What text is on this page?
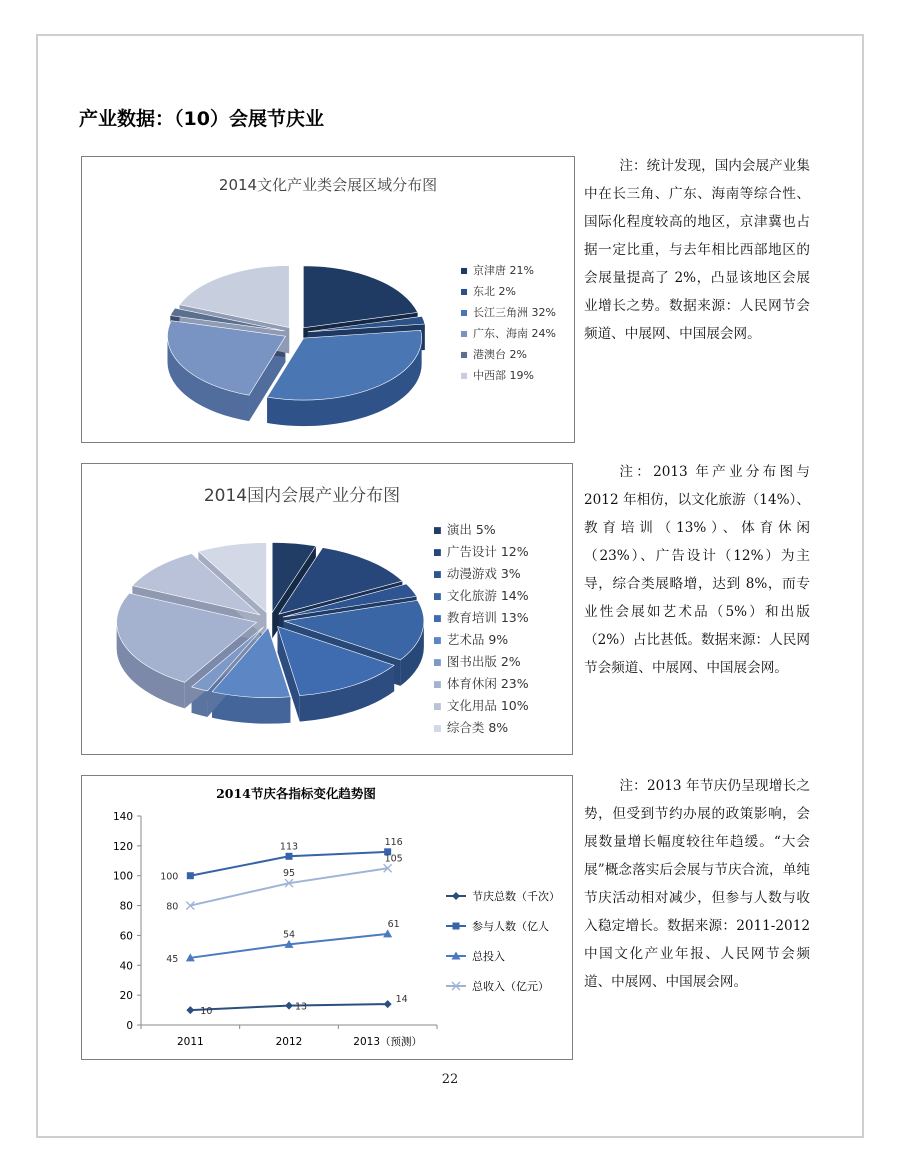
产业数据：（10）会展节庆业
2014文化产业类会展区域分布图
京津唐 21%
东北 2%
长江三角洲 32%
广东、海南 24%
港澳台 2%
中西部 19%

注：统计发现，国内会展产业集中在长三角、广东、海南等综合性、国际化程度较高的地区，京津冀也占据一定比重，与去年相比西部地区的会展量提高了 2%，凸显该地区会展业增长之势。数据来源：人民网节会频道、中展网、中国展会网。

2014国内会展产业分布图
演出 5%
广告设计 12%
动漫游戏 3%
文化旅游 14%
教育培训 13%
艺术品 9%
图书出版 2%
体育休闲 23%
文化用品 10%
综合类 8%

注：2013 年产业分布图与 2012 年相仿，以文化旅游（14%）、教育培训（13%）、体育休闲（23%）、广告设计（12%）为主导，综合类展略增，达到 8%，而专业性会展如艺术品（5%）和出版（2%）占比甚低。数据来源：人民网节会频道、中展网、中国展会网。

2014节庆各指标变化趋势图
0
20
40
60
80
100
120
140
2011	2012	2013（预测）
10	13
14
100
113	116
45
54
61
80
95
105
节庆总数（千次）
参与人数（亿人
总投入
总收入（亿元）

注：2013 年节庆仍呈现增长之势，但受到节约办展的政策影响，会展数量增长幅度较往年趋缓。“大会展”概念落实后会展与节庆合流，单纯节庆活动相对减少，但参与人数与收入稳定增长。数据来源：2011-2012 中国文化产业年报、人民网节会频道、中展网、中国展会网。

22
